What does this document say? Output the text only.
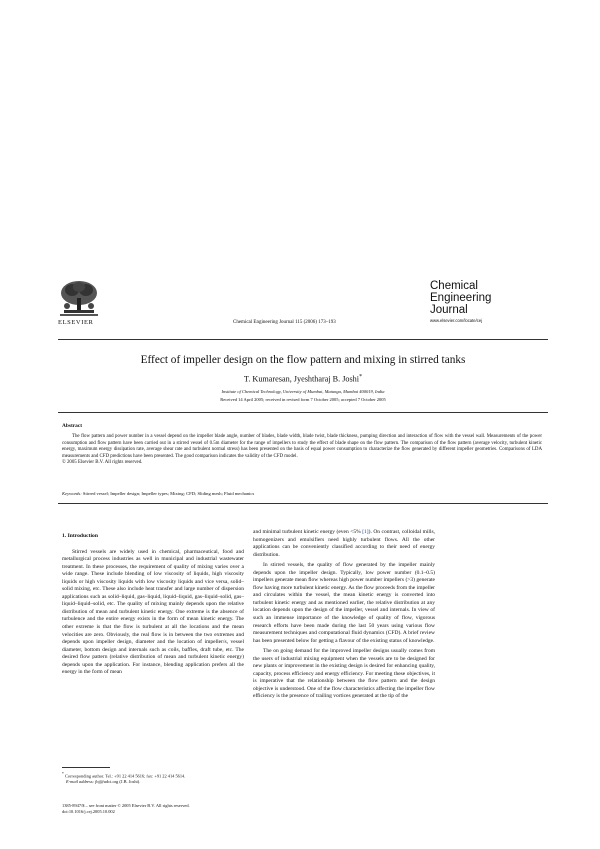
ELSEVIER	Chemical Engineering Journal 115 (2006) 173–193
Chemical
Engineering
Journal
www.elsevier.com/locate/cej
Effect of impeller design on the flow pattern and mixing in stirred tanks
T. Kumaresan, Jyeshtharaj B. Joshi*
Institute of Chemical Technology, University of Mumbai, Matunga, Mumbai 400019, India
Received 14 April 2005; received in revised form 7 October 2005; accepted 7 October 2005
Abstract

The flow pattern and power number in a vessel depend on the impeller blade angle, number of blades, blade width, blade twist, blade thickness, pumping direction and interaction of flow with the vessel wall. Measurements of the power consumption and flow pattern have been carried out in a stirred vessel of 0.5m diameter for the range of impellers to study the effect of blade shape on the flow pattern. The comparison of the flow pattern (average velocity, turbulent kinetic energy, maximum energy dissipation rate, average shear rate and turbulent normal stress) has been presented on the basis of equal power consumption to characterize the flow generated by different impeller geometries. Comparisons of LDA measurements and CFD predictions have been presented. The good comparison indicates the validity of the CFD model.

© 2005 Elsevier B.V. All rights reserved.
Keywords: Stirred vessel; Impeller design; Impeller types; Mixing; CFD; Sliding mesh; Fluid mechanics
1. Introduction

Stirred vessels are widely used in chemical, pharmaceutical, food and metallurgical process industries as well in municipal and industrial wastewater treatment. In these processes, the requirement of quality of mixing varies over a wide range. These include blending of low viscosity of liquids, high viscosity liquids or high viscosity liquids with low viscosity liquids and vice versa, solid–solid mixing, etc. These also include heat transfer and large number of dispersion applications such as solid–liquid, gas–liquid, liquid–liquid, gas–liquid–solid, gas–liquid–liquid–solid, etc. The quality of mixing mainly depends upon the relative distribution of mean and turbulent kinetic energy. One extreme is the absence of turbulence and the entire energy exists in the form of mean kinetic energy. The other extreme is that the flow is turbulent at all the locations and the mean velocities are zero. Obviously, the real flow is in between the two extremes and depends upon impeller design, diameter and the location of impeller/s, vessel diameter, bottom design and internals such as coils, baffles, draft tube, etc. The desired flow pattern (relative distribution of mean and turbulent kinetic energy) depends upon the application. For instance, blending application prefers all the energy in the form of mean

and minimal turbulent kinetic energy (even <5% [1]). On contrast, colloidal mills, homogenizers and emulsifiers need highly turbulent flows. All the other applications can be conveniently classified according to their need of energy distribution.

In stirred vessels, the quality of flow generated by the impeller mainly depends upon the impeller design. Typically, low power number (0.1–0.5) impellers generate mean flow whereas high power number impellers (>3) generate flow having more turbulent kinetic energy. As the flow proceeds from the impeller and circulates within the vessel, the mean kinetic energy is converted into turbulent kinetic energy and as mentioned earlier, the relative distribution at any location depends upon the design of the impeller, vessel and internals. In view of such an immense importance of the knowledge of quality of flow, vigorous research efforts have been made during the last 50 years using various flow measurement techniques and computational fluid dynamics (CFD). A brief review has been presented below for getting a flavour of the existing status of knowledge.

The on going demand for the improved impeller designs usually comes from the users of industrial mixing equipment when the vessels are to be designed for new plants or improvement in the existing design is desired for enhancing quality, capacity, process efficiency and energy efficiency. For meeting these objectives, it is imperative that the relationship between the flow pattern and the design objective is understood. One of the flow characteristics affecting the impeller flow efficiency is the presence of trailing vortices generated at the tip of the

* Corresponding author. Tel.: +91 22 414 5616; fax: +91 22 414 5614.
E-mail address: jbj@udct.org (J.B. Joshi).
1385-8947/$ – see front matter © 2005 Elsevier B.V. All rights reserved.
doi:10.1016/j.cej.2005.10.002
